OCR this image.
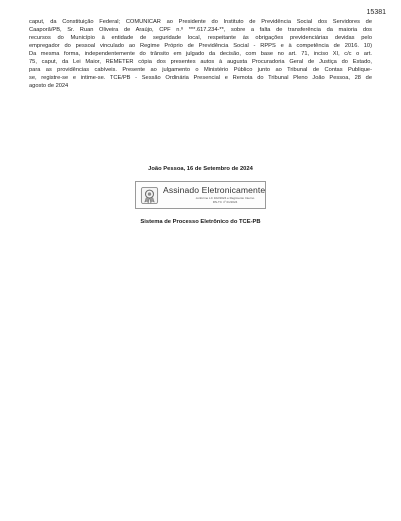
15381
caput, da Constituição Federal; COMUNICAR ao Presidente do Instituto de Previdência Social dos Servidores de
Caaporã/PB, Sr. Ruan Oliveira de Araújo, CPF n.º ***.617.234-**, sobre a falta de transferência da maioria dos
recursos do Município à entidade de seguridade local, respeitante às obrigações previdenciárias devidas pelo
empregador do pessoal vinculado ao Regime Próprio de Previdência Social - RPPS e à competência de 2016. 10)
Da mesma forma, independentemente do trânsito em julgado da decisão, com base no art. 71, inciso XI, c/c o art.
75, caput, da Lei Maior, REMETER cópia dos presentes autos à augusta Procuradoria Geral de Justiça do Estado,
para as providências cabíveis. Presente ao julgamento o Ministério Público junto ao Tribunal de Contas Publique-
se, registre-se e intime-se. TCE/PB - Sessão Ordinária Presencial e Remota do Tribunal Pleno João Pessoa, 28 de
agosto de 2024
João Pessoa, 16 de Setembro de 2024
Assinado Eletronicamente
conforme LC 102/2024 e Regimento Interno
RN-TC nº 01/2024
Sistema de Processo Eletrônico do TCE-PB
